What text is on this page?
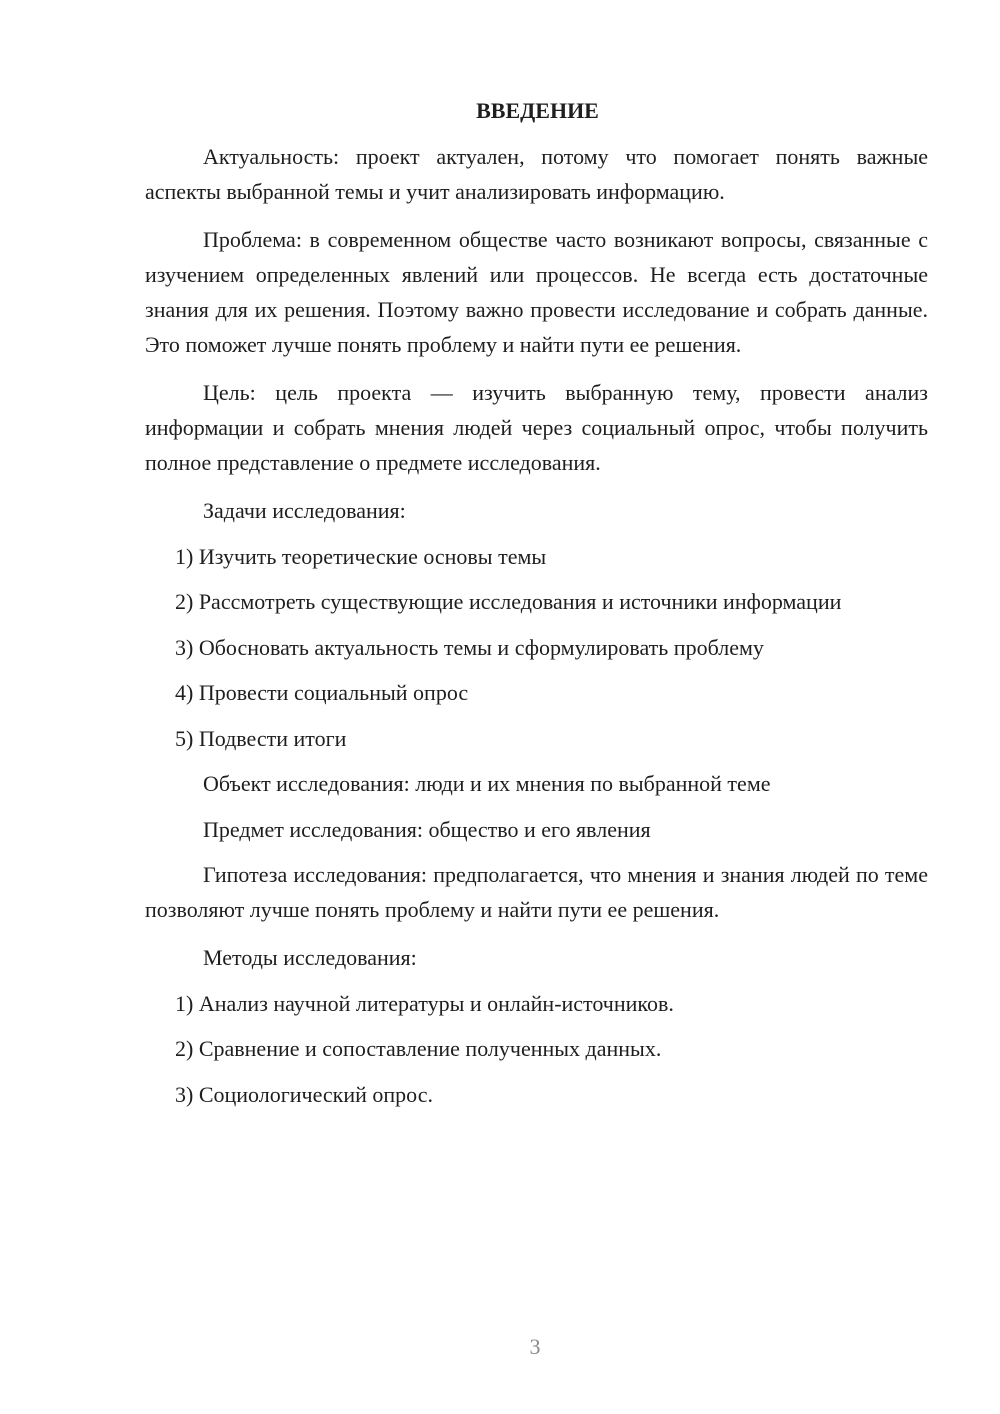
ВВЕДЕНИЕ

Актуальность: проект актуален, потому что помогает понять важные аспекты выбранной темы и учит анализировать информацию.

Проблема: в современном обществе часто возникают вопросы, связанные с изучением определенных явлений или процессов. Не всегда есть достаточные знания для их решения. Поэтому важно провести исследование и собрать данные. Это поможет лучше понять проблему и найти пути ее решения.

Цель: цель проекта — изучить выбранную тему, провести анализ информации и собрать мнения людей через социальный опрос, чтобы получить полное представление о предмете исследования.

Задачи исследования:
1) Изучить теоретические основы темы
2) Рассмотреть существующие исследования и источники информации
3) Обосновать актуальность темы и сформулировать проблему
4) Провести социальный опрос
5) Подвести итоги
Объект исследования: люди и их мнения по выбранной теме
Предмет исследования: общество и его явления

Гипотеза исследования: предполагается, что мнения и знания людей по теме позволяют лучше понять проблему и найти пути ее решения.

Методы исследования:
1) Анализ научной литературы и онлайн-источников.
2) Сравнение и сопоставление полученных данных.
3) Социологический опрос.
3
